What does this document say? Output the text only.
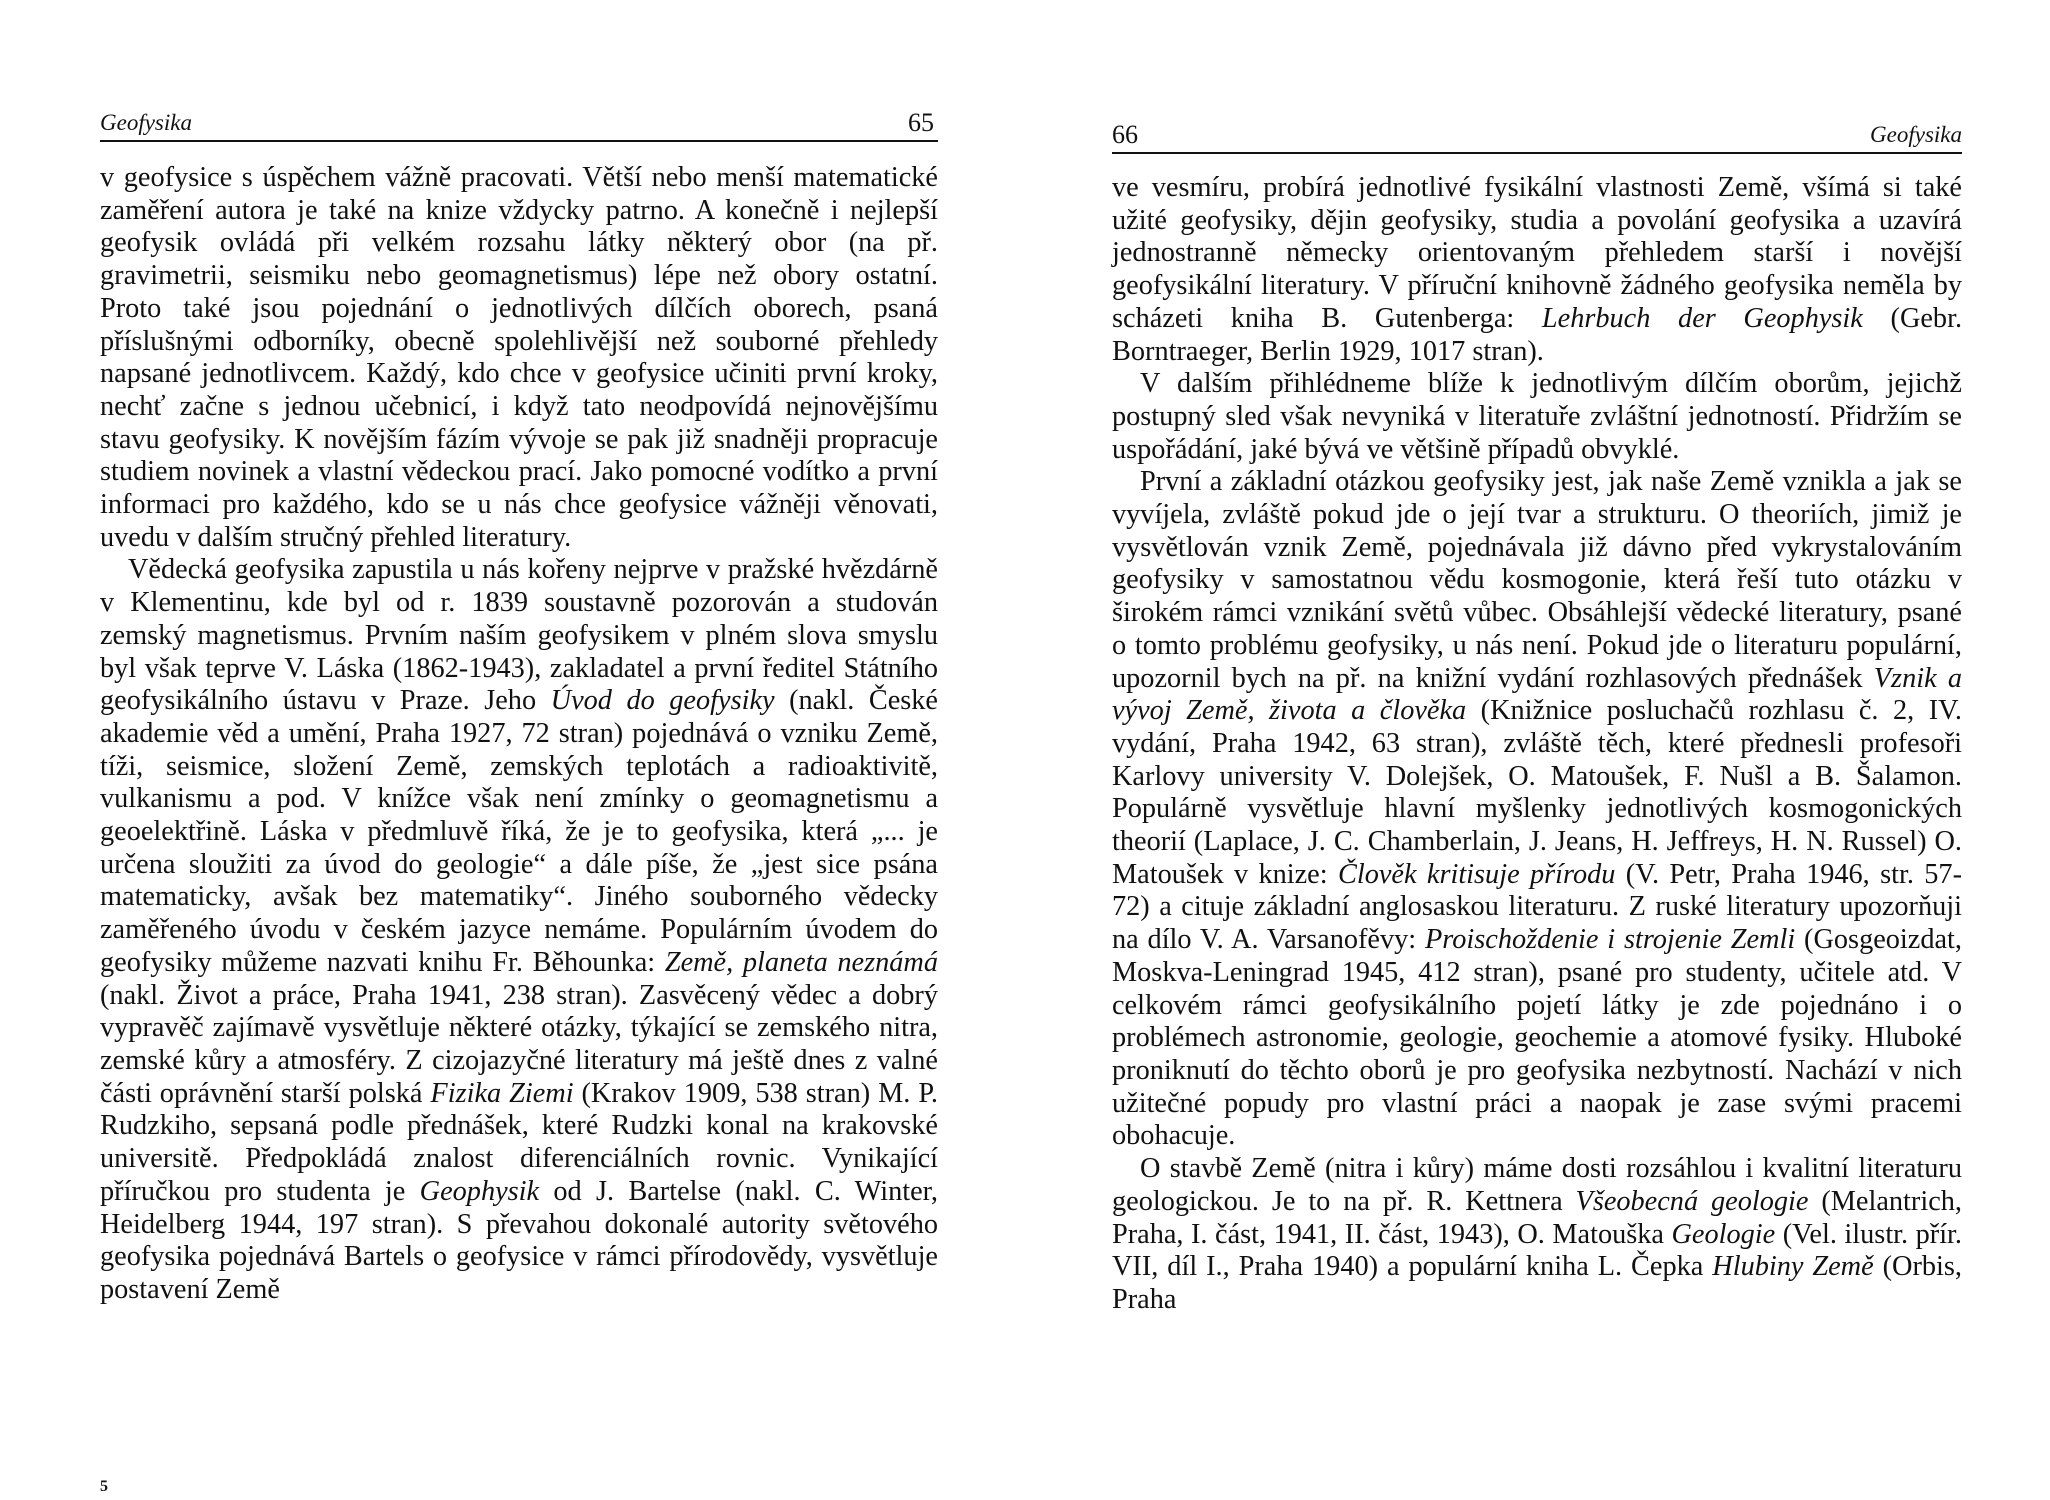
Geofysika	65

v geofysice s úspěchem vážně pracovati. Větší nebo menší matematické zaměření autora je také na knize vždycky patrno. A konečně i nejlepší geofysik ovládá při velkém rozsahu látky některý obor (na př. gravimetrii, seismiku nebo geomagnetismus) lépe než obory ostatní. Proto také jsou pojednání o jednotlivých dílčích oborech, psaná příslušnými odborníky, obecně spolehlivější než souborné přehledy napsané jednotlivcem. Každý, kdo chce v geofysice učiniti první kroky, nechť začne s jednou učebnicí, i když tato neodpovídá nejnovějšímu stavu geofysiky. K novějším fázím vývoje se pak již snadněji propracuje studiem novinek a vlastní vědeckou prací. Jako pomocné vodítko a první informaci pro každého, kdo se u nás chce geofysice vážněji věnovati, uvedu v dalším stručný přehled literatury.

Vědecká geofysika zapustila u nás kořeny nejprve v pražské hvězdárně v Klementinu, kde byl od r. 1839 soustavně pozorován a studován zemský magnetismus. Prvním naším geofysikem v plném slova smyslu byl však teprve V. Láska (1862-1943), zakladatel a první ředitel Státního geofysikálního ústavu v Praze. Jeho Úvod do geofysiky (nakl. České akademie věd a umění, Praha 1927, 72 stran) pojednává o vzniku Země, tíži, seismice, složení Země, zemských teplotách a radioaktivitě, vulkanismu a pod. V knížce však není zmínky o geomagnetismu a geoelektřině. Láska v předmluvě říká, že je to geofysika, která „... je určena sloužiti za úvod do geologie“ a dále píše, že „jest sice psána matematicky, avšak bez matematiky“. Jiného souborného vědecky zaměřeného úvodu v českém jazyce nemáme. Populárním úvodem do geofysiky můžeme nazvati knihu Fr. Běhounka: Země, planeta neznámá (nakl. Život a práce, Praha 1941, 238 stran). Zasvěcený vědec a dobrý vypravěč zajímavě vysvětluje některé otázky, týkající se zemského nitra, zemské kůry a atmosféry. Z cizojazyčné literatury má ještě dnes z valné části oprávnění starší polská Fizika Ziemi (Krakov 1909, 538 stran) M. P. Rudzkiho, sepsaná podle přednášek, které Rudzki konal na krakovské universitě. Předpokládá znalost diferenciálních rovnic. Vynikající příručkou pro studenta je Geophysik od J. Bartelse (nakl. C. Winter, Heidelberg 1944, 197 stran). S převahou dokonalé autority světového geofysika pojednává Bartels o geofysice v rámci přírodovědy, vysvětluje postavení Země

5
66	Geofysika

ve vesmíru, probírá jednotlivé fysikální vlastnosti Země, všímá si také užité geofysiky, dějin geofysiky, studia a povolání geofysika a uzavírá jednostranně německy orientovaným přehledem starší i novější geofysikální literatury. V příruční knihovně žádného geofysika neměla by scházeti kniha B. Gutenberga: Lehrbuch der Geophysik (Gebr. Borntraeger, Berlin 1929, 1017 stran).

V dalším přihlédneme blíže k jednotlivým dílčím oborům, jejichž postupný sled však nevyniká v literatuře zvláštní jednotností. Přidržím se uspořádání, jaké bývá ve většině případů obvyklé.

První a základní otázkou geofysiky jest, jak naše Země vznikla a jak se vyvíjela, zvláště pokud jde o její tvar a strukturu. O theoriích, jimiž je vysvětlován vznik Země, pojednávala již dávno před vykrystalováním geofysiky v samostatnou vědu kosmogonie, která řeší tuto otázku v širokém rámci vznikání světů vůbec. Obsáhlejší vědecké literatury, psané o tomto problému geofysiky, u nás není. Pokud jde o literaturu populární, upozornil bych na př. na knižní vydání rozhlasových přednášek Vznik a vývoj Země, života a člověka (Knižnice posluchačů rozhlasu č. 2, IV. vydání, Praha 1942, 63 stran), zvláště těch, které přednesli profesoři Karlovy university V. Dolejšek, O. Matoušek, F. Nušl a B. Šalamon. Populárně vysvětluje hlavní myšlenky jednotlivých kosmogonických theorií (Laplace, J. C. Chamberlain, J. Jeans, H. Jeffreys, H. N. Russel) O. Matoušek v knize: Člověk kritisuje přírodu (V. Petr, Praha 1946, str. 57-72) a cituje základní anglosaskou literaturu. Z ruské literatury upozorňuji na dílo V. A. Varsanofěvy: Proischoždenie i strojenie Zemli (Gosgeoizdat, Moskva-Leningrad 1945, 412 stran), psané pro studenty, učitele atd. V celkovém rámci geofysikálního pojetí látky je zde pojednáno i o problémech astronomie, geologie, geochemie a atomové fysiky. Hluboké proniknutí do těchto oborů je pro geofysika nezbytností. Nachází v nich užitečné popudy pro vlastní práci a naopak je zase svými pracemi obohacuje.

O stavbě Země (nitra i kůry) máme dosti rozsáhlou i kvalitní literaturu geologickou. Je to na př. R. Kettnera Všeobecná geologie (Melantrich, Praha, I. část, 1941, II. část, 1943), O. Matouška Geologie (Vel. ilustr. přír. VII, díl I., Praha 1940) a populární kniha L. Čepka Hlubiny Země (Orbis, Praha
